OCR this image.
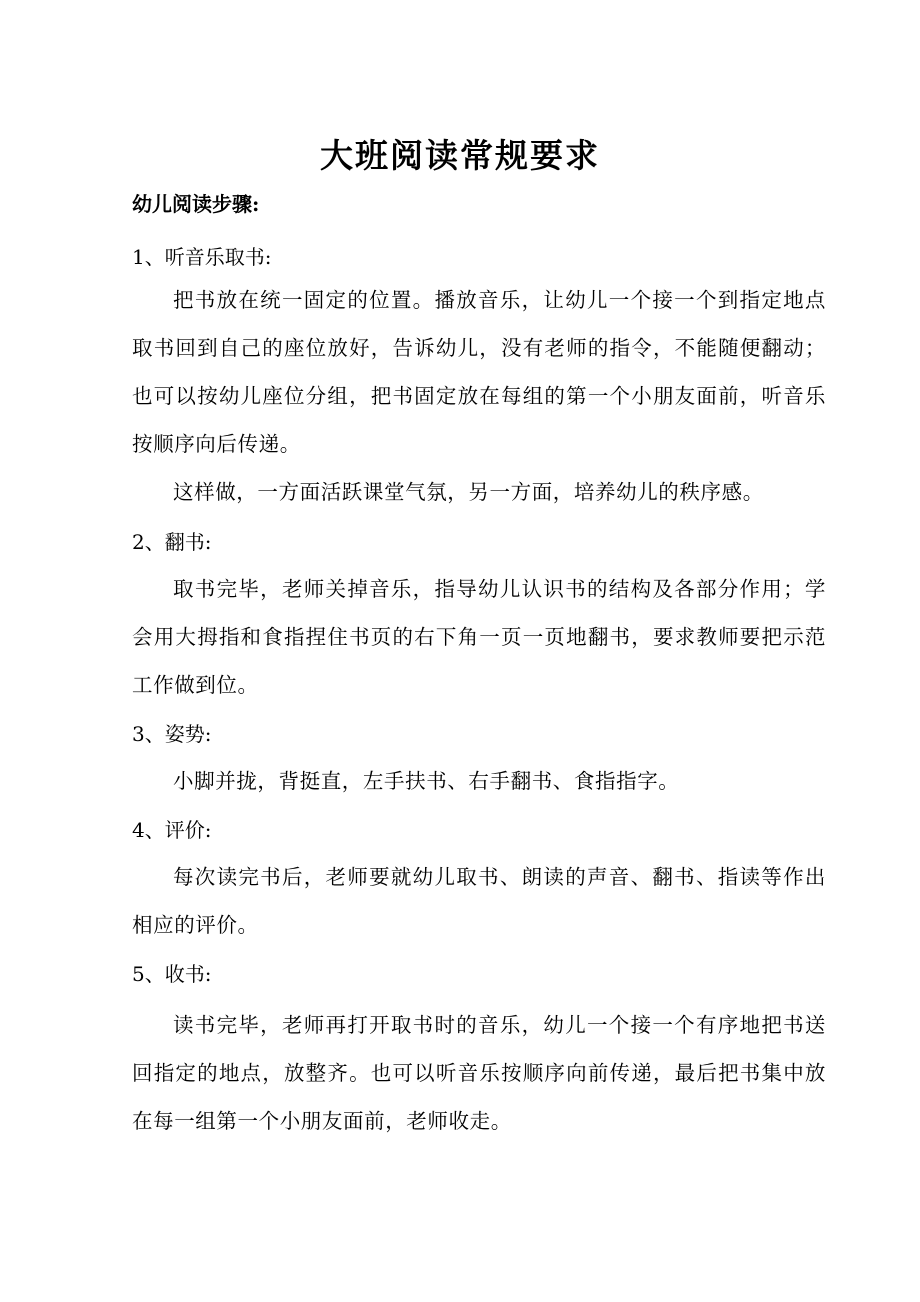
大班阅读常规要求
幼儿阅读步骤:
1、听音乐取书:
把书放在统一固定的位置。播放音乐，让幼儿一个接一个到指定地点取书回到自己的座位放好，告诉幼儿，没有老师的指令，不能随便翻动；也可以按幼儿座位分组，把书固定放在每组的第一个小朋友面前，听音乐按顺序向后传递。
这样做，一方面活跃课堂气氛，另一方面，培养幼儿的秩序感。
2、翻书:
取书完毕，老师关掉音乐，指导幼儿认识书的结构及各部分作用；学会用大拇指和食指捏住书页的右下角一页一页地翻书，要求教师要把示范工作做到位。
3、姿势:
小脚并拢，背挺直，左手扶书、右手翻书、食指指字。
4、评价:
每次读完书后，老师要就幼儿取书、朗读的声音、翻书、指读等作出相应的评价。
5、收书:
读书完毕，老师再打开取书时的音乐，幼儿一个接一个有序地把书送回指定的地点，放整齐。也可以听音乐按顺序向前传递，最后把书集中放在每一组第一个小朋友面前，老师收走。
